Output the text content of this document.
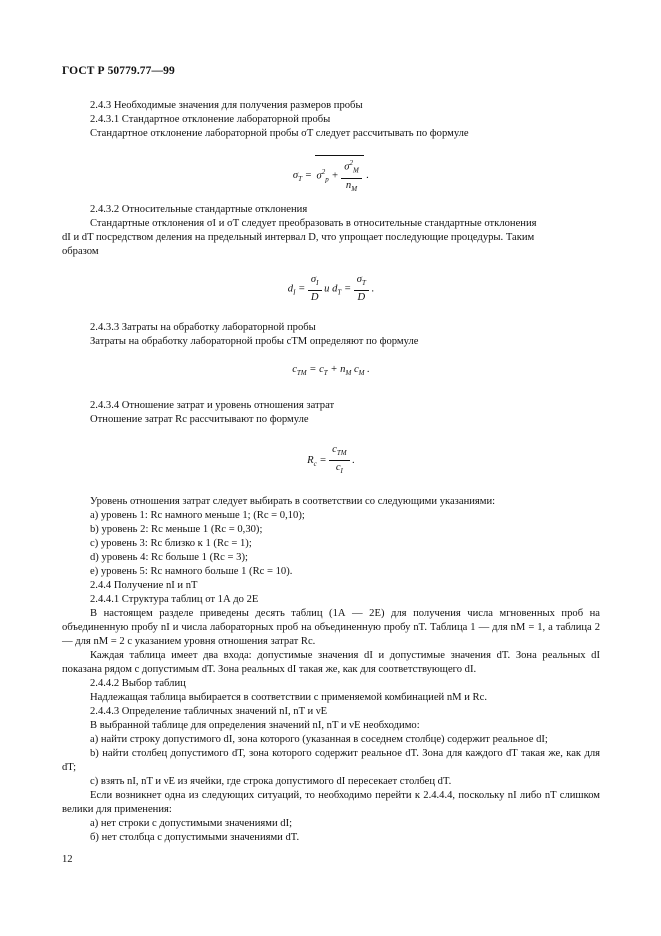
ГОСТ Р 50779.77—99

2.4.3 Необходимые значения для получения размеров пробы

2.4.3.1 Стандартное отклонение лабораторной пробы

Стандартное отклонение лабораторной пробы σT следует рассчитывать по формуле

$\sigma_T = \sigma^2_p + \frac{\sigma^2_M}{n_M}$ .

2.4.3.2 Относительные стандартные отклонения

Стандартные отклонения σI и σT следует преобразовать в относительные стандартные отклонения

dI и dT посредством деления на предельный интервал D, что упрощает последующие процедуры. Таким

образом

$d_I = \frac{\sigma_I}{D}$ и $d_T = \frac{\sigma_T}{D}$ .

2.4.3.3 Затраты на обработку лабораторной пробы

Затраты на обработку лабораторной пробы cTM определяют по формуле

$c_{TM} = c_T + n_M$ $c_M$ .

2.4.3.4 Отношение затрат и уровень отношения затрат

Отношение затрат Rc рассчитывают по формуле

$R_c = \frac{c_{TM}}{c_I}$ .

Уровень отношения затрат следует выбирать в соответствии со следующими указаниями:

a) уровень 1: Rc намного меньше 1; (Rc = 0,10);

b) уровень 2: Rc меньше 1 (Rc = 0,30);

c) уровень 3: Rc близко к 1 (Rc = 1);

d) уровень 4: Rc больше 1 (Rc = 3);

e) уровень 5: Rc намного больше 1 (Rc = 10).

2.4.4 Получение nI и nT

2.4.4.1 Структура таблиц от 1А до 2Е

В настоящем разделе приведены десять таблиц (1А — 2Е) для получения числа мгновенных проб на объединенную пробу nI и числа лабораторных проб на объединенную пробу nT. Таблица 1 — для nM = 1, а таблица 2 — для nM = 2 с указанием уровня отношения затрат Rc.

Каждая таблица имеет два входа: допустимые значения dI и допустимые значения dT. Зона реальных dI показана рядом с допустимым dT. Зона реальных dI такая же, как для соответствующего dI.

2.4.4.2 Выбор таблиц

Надлежащая таблица выбирается в соответствии с применяемой комбинацией nM и Rc.

2.4.4.3 Определение табличных значений nI, nT и νE

В выбранной таблице для определения значений nI, nT и νE необходимо:

а) найти строку допустимого dI, зона которого (указанная в соседнем столбце) содержит реальное dI;

b) найти столбец допустимого dT, зона которого содержит реальное dT. Зона для каждого dT такая же, как для dT;

c) взять nI, nT и νE из ячейки, где строка допустимого dI пересекает столбец dT.

Если возникнет одна из следующих ситуаций, то необходимо перейти к 2.4.4.4, поскольку nI либо nT слишком велики для применения:

а) нет строки с допустимыми значениями dI;

б) нет столбца с допустимыми значениями dT.

12
